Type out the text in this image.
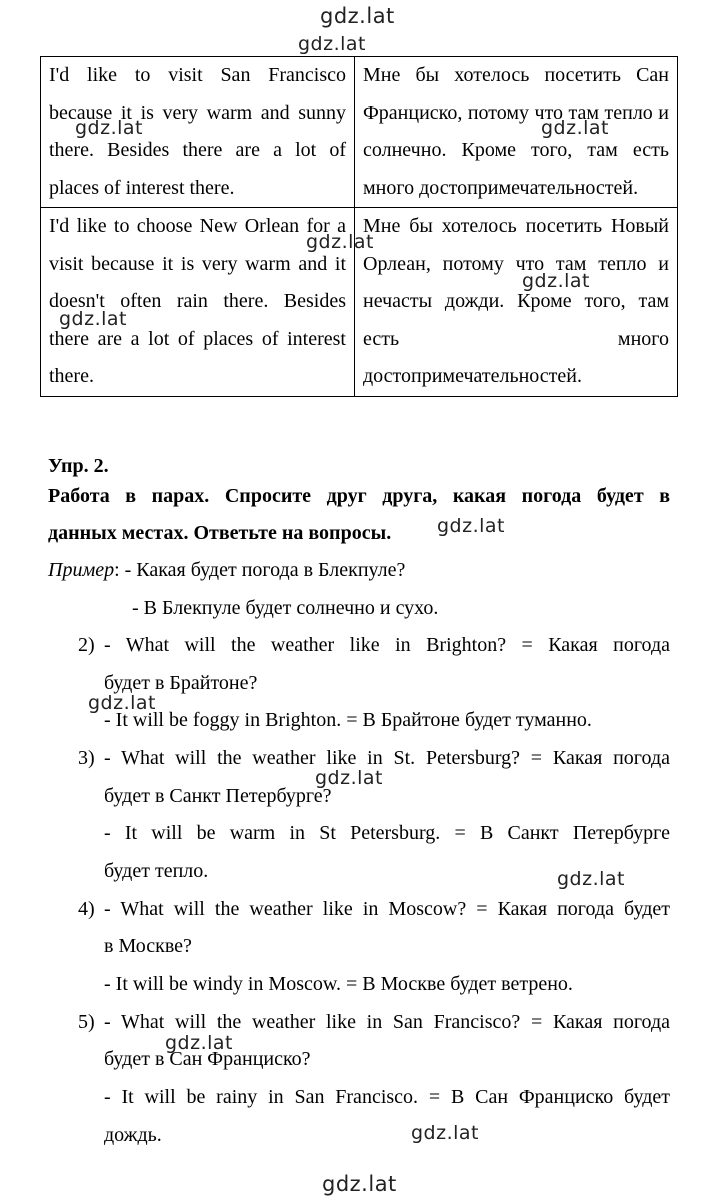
gdz.lat
gdz.lat
gdz.lat	gdz.lat
gdz.lat
gdz.lat
gdz.lat
gdz.lat
gdz.lat
gdz.lat
gdz.lat
gdz.lat
gdz.lat
gdz.lat
I'd like to visit San Francisco because it is very warm and sunny there. Besides there are a lot of places of interest there.	Мне бы хотелось посетить Сан Франциско, потому что там тепло и солнечно. Кроме того, там есть много достопримечательностей.
I'd like to choose New Orlean for a visit because it is very warm and it doesn't often rain there. Besides there are a lot of places of interest there.	Мне бы хотелось посетить Новый Орлеан, потому что там тепло и нечасты дожди. Кроме того, там есть много достопримечательностей.
Упр. 2.
Работа в парах. Спросите друг друга, какая погода будет в
данных местах. Ответьте на вопросы.
Пример: - Какая будет погода в Блекпуле?
- В Блекпуле будет солнечно и сухо.
2) - What will the weather like in Brighton? = Какая погода
будет в Брайтоне?
- It will be foggy in Brighton. = В Брайтоне будет туманно.
3) - What will the weather like in St. Petersburg? = Какая погода
будет в Санкт Петербурге?
- It will be warm in St Petersburg. = В Санкт Петербурге
будет тепло.
4) - What will the weather like in Moscow? = Какая погода будет
в Москве?
- It will be windy in Moscow. = В Москве будет ветрено.
5) - What will the weather like in San Francisco? = Какая погода
будет в Сан Франциско?
- It will be rainy in San Francisco. = В Сан Франциско будет
дождь.
